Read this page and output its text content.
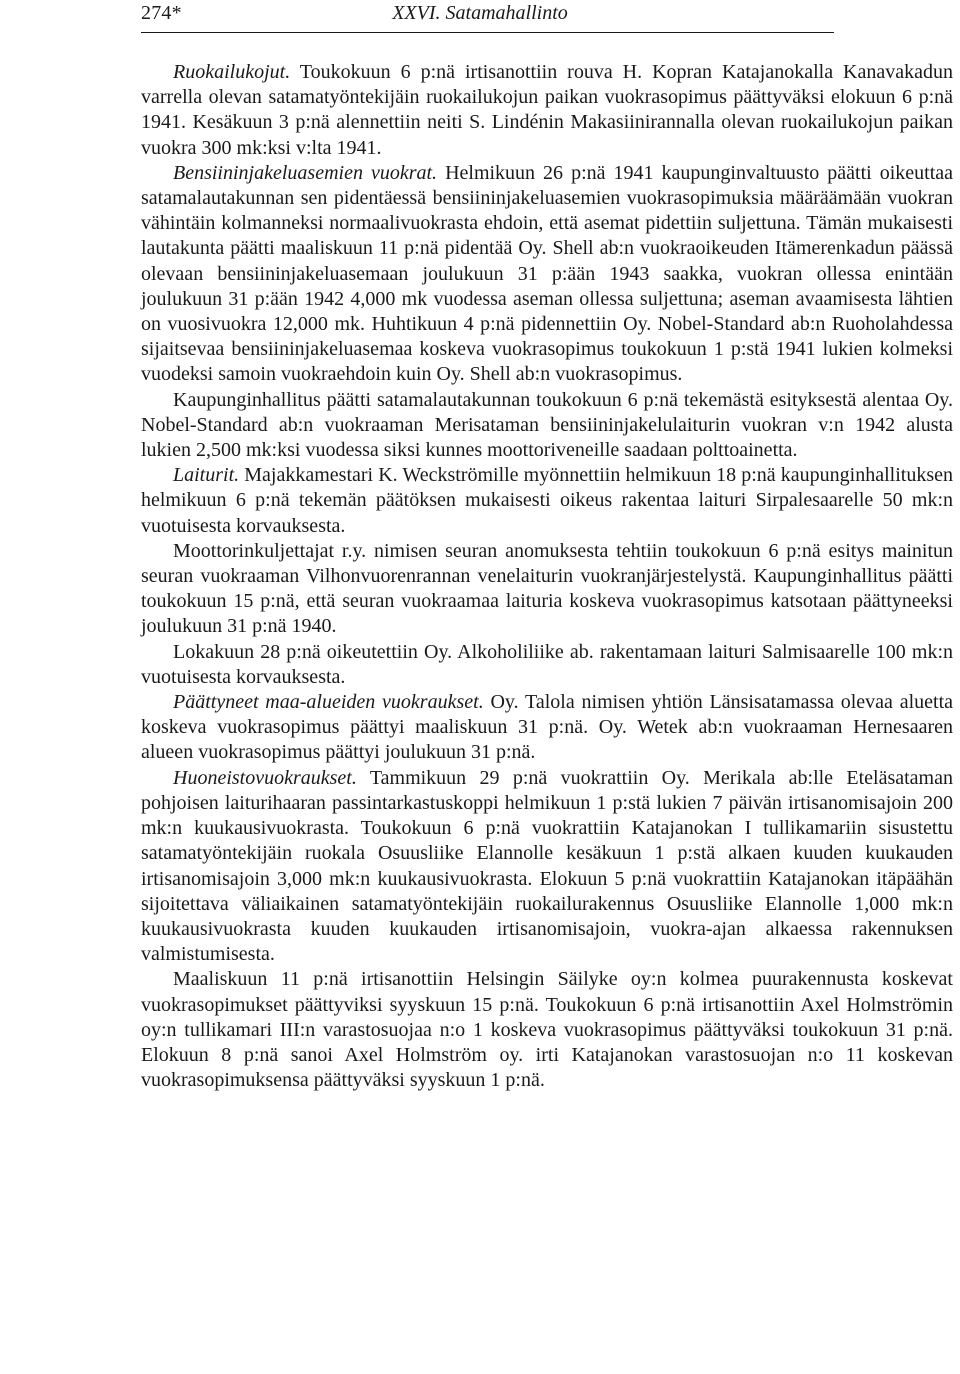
274*	XXVI. Satamahallinto

Ruokailukojut. Toukokuun 6 p:nä irtisanottiin rouva H. Kopran Katajanokalla Kanavakadun varrella olevan satamatyöntekijäin ruokailukojun paikan vuokrasopimus päättyväksi elokuun 6 p:nä 1941. Kesäkuun 3 p:nä alennettiin neiti S. Lindénin Makasiinirannalla olevan ruokailukojun paikan vuokra 300 mk:ksi v:lta 1941.

Bensiininjakeluasemien vuokrat. Helmikuun 26 p:nä 1941 kaupunginvaltuusto päätti oikeuttaa satamalautakunnan sen pidentäessä bensiininjakeluasemien vuokrasopimuksia määräämään vuokran vähintäin kolmanneksi normaalivuokrasta ehdoin, että asemat pidettiin suljettuna. Tämän mukaisesti lautakunta päätti maaliskuun 11 p:nä pidentää Oy. Shell ab:n vuokraoikeuden Itämerenkadun päässä olevaan bensiininjakeluasemaan joulukuun 31 p:ään 1943 saakka, vuokran ollessa enintään joulukuun 31 p:ään 1942 4,000 mk vuodessa aseman ollessa suljettuna; aseman avaamisesta lähtien on vuosivuokra 12,000 mk. Huhtikuun 4 p:nä pidennettiin Oy. Nobel-Standard ab:n Ruoholahdessa sijaitsevaa bensiininjakeluasemaa koskeva vuokrasopimus toukokuun 1 p:stä 1941 lukien kolmeksi vuodeksi samoin vuokraehdoin kuin Oy. Shell ab:n vuokrasopimus.

Kaupunginhallitus päätti satamalautakunnan toukokuun 6 p:nä tekemästä esityksestä alentaa Oy. Nobel-Standard ab:n vuokraaman Merisataman bensiininjakelulaiturin vuokran v:n 1942 alusta lukien 2,500 mk:ksi vuodessa siksi kunnes moottoriveneille saadaan polttoainetta.

Laiturit. Majakkamestari K. Weckströmille myönnettiin helmikuun 18 p:nä kaupunginhallituksen helmikuun 6 p:nä tekemän päätöksen mukaisesti oikeus rakentaa laituri Sirpalesaarelle 50 mk:n vuotuisesta korvauksesta.

Moottorinkuljettajat r.y. nimisen seuran anomuksesta tehtiin toukokuun 6 p:nä esitys mainitun seuran vuokraaman Vilhonvuorenrannan venelaiturin vuokranjärjestelystä. Kaupunginhallitus päätti toukokuun 15 p:nä, että seuran vuokraamaa laituria koskeva vuokrasopimus katsotaan päättyneeksi joulukuun 31 p:nä 1940.

Lokakuun 28 p:nä oikeutettiin Oy. Alkoholiliike ab. rakentamaan laituri Salmisaarelle 100 mk:n vuotuisesta korvauksesta.

Päättyneet maa-alueiden vuokraukset. Oy. Talola nimisen yhtiön Länsisatamassa olevaa aluetta koskeva vuokrasopimus päättyi maaliskuun 31 p:nä. Oy. Wetek ab:n vuokraaman Hernesaaren alueen vuokrasopimus päättyi joulukuun 31 p:nä.

Huoneistovuokraukset. Tammikuun 29 p:nä vuokrattiin Oy. Merikala ab:lle Eteläsataman pohjoisen laiturihaaran passintarkastuskoppi helmikuun 1 p:stä lukien 7 päivän irtisanomisajoin 200 mk:n kuukausivuokrasta. Toukokuun 6 p:nä vuokrattiin Katajanokan I tullikamariin sisustettu satamatyöntekijäin ruokala Osuusliike Elannolle kesäkuun 1 p:stä alkaen kuuden kuukauden irtisanomisajoin 3,000 mk:n kuukausivuokrasta. Elokuun 5 p:nä vuokrattiin Katajanokan itäpäähän sijoitettava väliaikainen satamatyöntekijäin ruokailurakennus Osuusliike Elannolle 1,000 mk:n kuukausivuokrasta kuuden kuukauden irtisanomisajoin, vuokra-ajan alkaessa rakennuksen valmistumisesta.

Maaliskuun 11 p:nä irtisanottiin Helsingin Säilyke oy:n kolmea puurakennusta koskevat vuokrasopimukset päättyviksi syyskuun 15 p:nä. Toukokuun 6 p:nä irtisanottiin Axel Holmströmin oy:n tullikamari III:n varastosuojaa n:o 1 koskeva vuokrasopimus päättyväksi toukokuun 31 p:nä. Elokuun 8 p:nä sanoi Axel Holmström oy. irti Katajanokan varastosuojan n:o 11 koskevan vuokrasopimuksensa päättyväksi syyskuun 1 p:nä.
